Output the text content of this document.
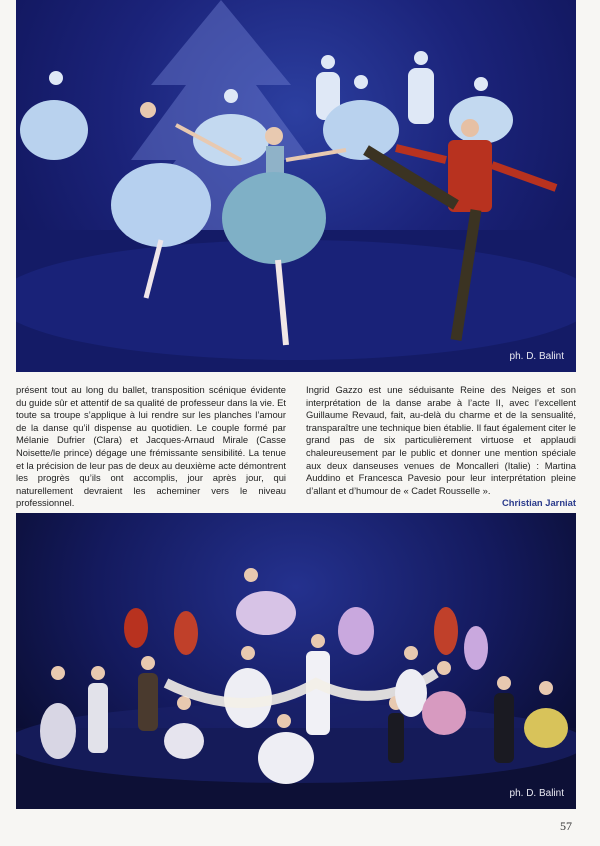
ph. D. Balint

présent tout au long du ballet, transposition scénique évidente du guide sûr et attentif de sa qualité de professeur dans la vie. Et toute sa troupe s’applique à lui rendre sur les planches l’amour de la danse qu’il dispense au quotidien. Le couple formé par Mélanie Dufrier (Clara) et Jacques-Arnaud Mirale (Casse Noisette/le prince) dégage une frémissante sensibilité. La tenue et la précision de leur pas de deux au deuxième acte démontrent les progrès qu’ils ont accomplis, jour après jour, qui naturellement devraient les acheminer vers le niveau professionnel.

Ingrid Gazzo est une séduisante Reine des Neiges et son interprétation de la danse arabe à l’acte II, avec l’excellent Guillaume Revaud, fait, au-delà du charme et de la sensualité, transparaître une technique bien établie. Il faut également citer le grand pas de six particulièrement virtuose et applaudi chaleureusement par le public et donner une mention spéciale aux deux danseuses venues de Moncalleri (Italie) : Martina Auddino et Francesca Pavesio pour leur interprétation pleine d’allant et d’humour de « Cadet Rousselle ».
Christian Jarniat

ph. D. Balint
57
